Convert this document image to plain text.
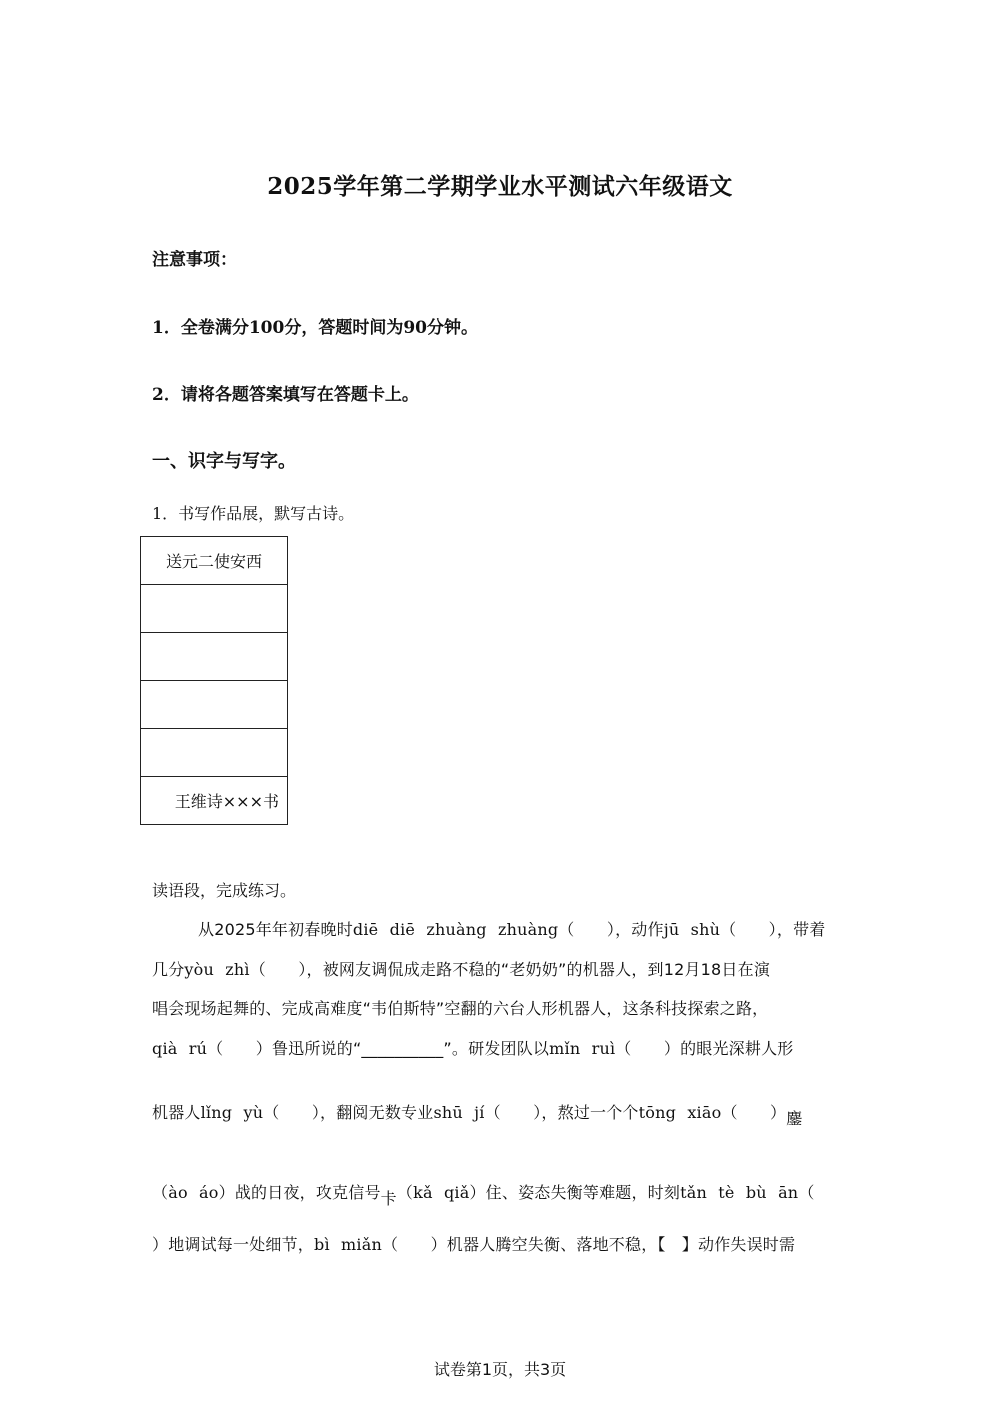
2025学年第二学期学业水平测试六年级语文
注意事项：
1．全卷满分100分，答题时间为90分钟。
2．请将各题答案填写在答题卡上。
一、识字与写字。
1．书写作品展，默写古诗。
送元二使安西

王维诗×××书
读语段，完成练习。
从2025年年初春晚时diē diē zhuàng zhuàng（　　），动作jū shù（　　），带着
几分yòu zhì（　　），被网友调侃成走路不稳的“老奶奶”的机器人，到12月18日在演
唱会现场起舞的、完成高难度“韦伯斯特”空翻的六台人形机器人，这条科技探索之路，
qià rú（　　）鲁迅所说的“__________”。研发团队以mǐn ruì（　　）的眼光深耕人形
机器人lǐng yù（　　），翻阅无数专业shū jí（　　），熬过一个个tōng xiāo（　　）鏖
（ào áo）战的日夜，攻克信号卡（kǎ qiǎ）住、姿态失衡等难题，时刻tǎn tè bù ān（
）地调试每一处细节，bì miǎn（　　）机器人腾空失衡、落地不稳，【　】动作失误时需
试卷第1页，共3页
